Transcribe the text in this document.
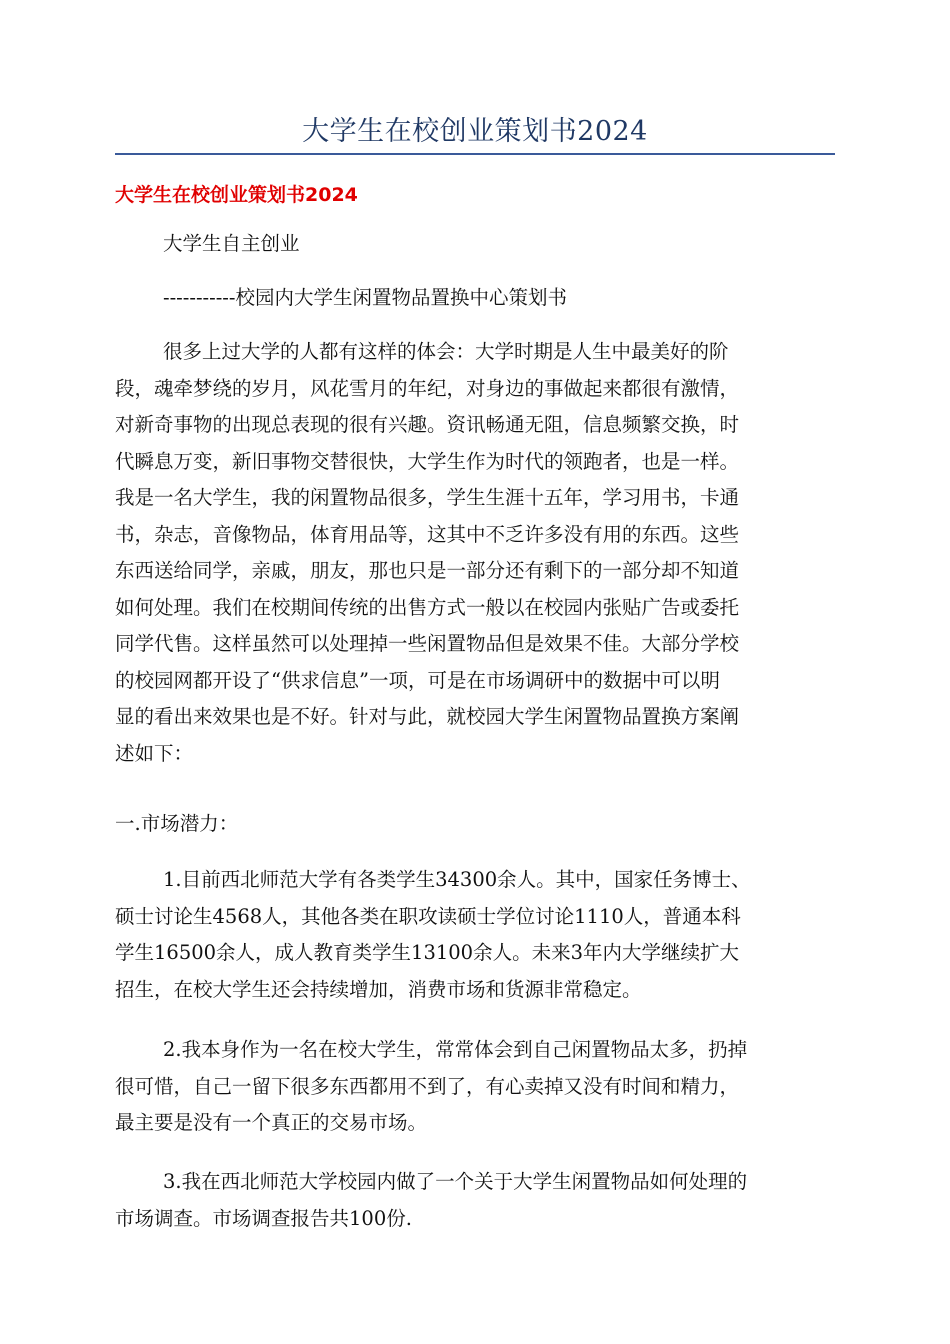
大学生在校创业策划书2024
大学生在校创业策划书2024

大学生自主创业

-----------校园内大学生闲置物品置换中心策划书

很多上过大学的人都有这样的体会：大学时期是人生中最美好的阶
段，魂牵梦绕的岁月，风花雪月的年纪，对身边的事做起来都很有激情，
对新奇事物的出现总表现的很有兴趣。资讯畅通无阻，信息频繁交换，时
代瞬息万变，新旧事物交替很快，大学生作为时代的领跑者，也是一样。
我是一名大学生，我的闲置物品很多，学生生涯十五年，学习用书，卡通
书，杂志，音像物品，体育用品等，这其中不乏许多没有用的东西。这些
东西送给同学，亲戚，朋友，那也只是一部分还有剩下的一部分却不知道
如何处理。我们在校期间传统的出售方式一般以在校园内张贴广告或委托
同学代售。这样虽然可以处理掉一些闲置物品但是效果不佳。大部分学校
的校园网都开设了“供求信息”一项，可是在市场调研中的数据中可以明
显的看出来效果也是不好。针对与此，就校园大学生闲置物品置换方案阐
述如下：

一.市场潜力：

1.目前西北师范大学有各类学生34300余人。其中，国家任务博士、
硕士讨论生4568人，其他各类在职攻读硕士学位讨论1110人，普通本科
学生16500余人，成人教育类学生13100余人。未来3年内大学继续扩大
招生，在校大学生还会持续增加，消费市场和货源非常稳定。
2.我本身作为一名在校大学生，常常体会到自己闲置物品太多，扔掉
很可惜，自己一留下很多东西都用不到了，有心卖掉又没有时间和精力，
最主要是没有一个真正的交易市场。
3.我在西北师范大学校园内做了一个关于大学生闲置物品如何处理的
市场调查。市场调查报告共100份.
